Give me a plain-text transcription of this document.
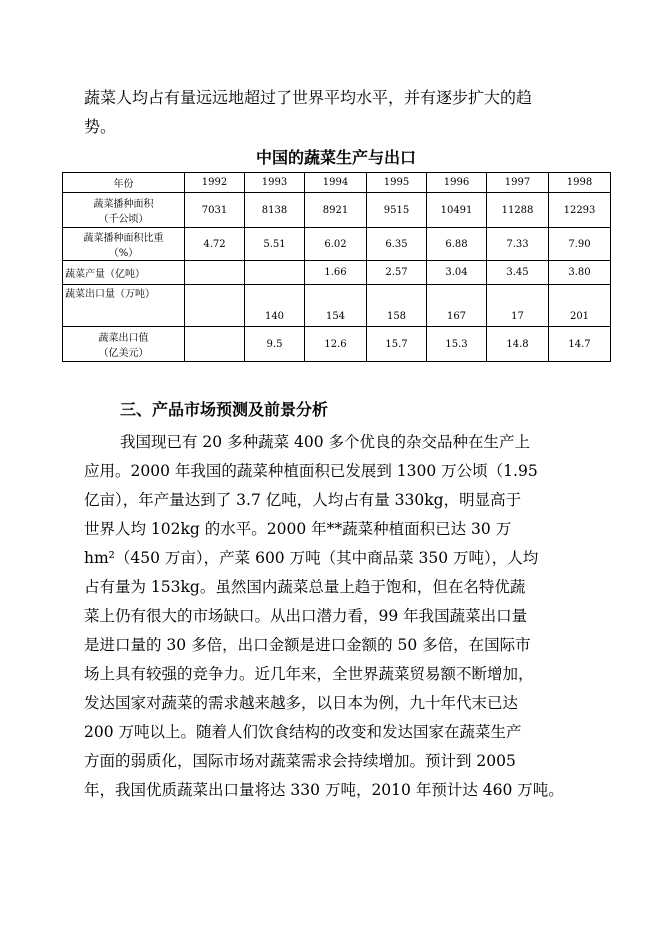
蔬菜人均占有量远远地超过了世界平均水平，并有逐步扩大的趋
势。
中国的蔬菜生产与出口
年份	1992	1993	1994	1995	1996	1997	1998

蔬菜播种面积
（千公顷）	7031	8138	8921	9515	10491	11288	12293

蔬菜播种面积比重
（%）	4.72	5.51	6.02	6.35	6.88	7.33	7.90

蔬菜产量（亿吨）			1.66	2.57	3.04	3.45	3.80

蔬菜出口量（万吨）		140	154	158	167	17	201

蔬菜出口值
（亿美元）		9.5	12.6	15.7	15.3	14.8	14.7
三、产品市场预测及前景分析
我国现已有 20 多种蔬菜 400 多个优良的杂交品种在生产上
应用。2000 年我国的蔬菜种植面积已发展到 1300 万公顷（1.95
亿亩），年产量达到了 3.7 亿吨，人均占有量 330kg，明显高于
世界人均 102kg 的水平。2000 年**蔬菜种植面积已达 30 万
hm²（450 万亩），产菜 600 万吨（其中商品菜 350 万吨），人均
占有量为 153kg。虽然国内蔬菜总量上趋于饱和，但在名特优蔬
菜上仍有很大的市场缺口。从出口潜力看，99 年我国蔬菜出口量
是进口量的 30 多倍，出口金额是进口金额的 50 多倍，在国际市
场上具有较强的竞争力。近几年来，全世界蔬菜贸易额不断增加，
发达国家对蔬菜的需求越来越多，以日本为例，九十年代末已达
200 万吨以上。随着人们饮食结构的改变和发达国家在蔬菜生产
方面的弱质化，国际市场对蔬菜需求会持续增加。预计到 2005
年，我国优质蔬菜出口量将达 330 万吨，2010 年预计达 460 万吨。
